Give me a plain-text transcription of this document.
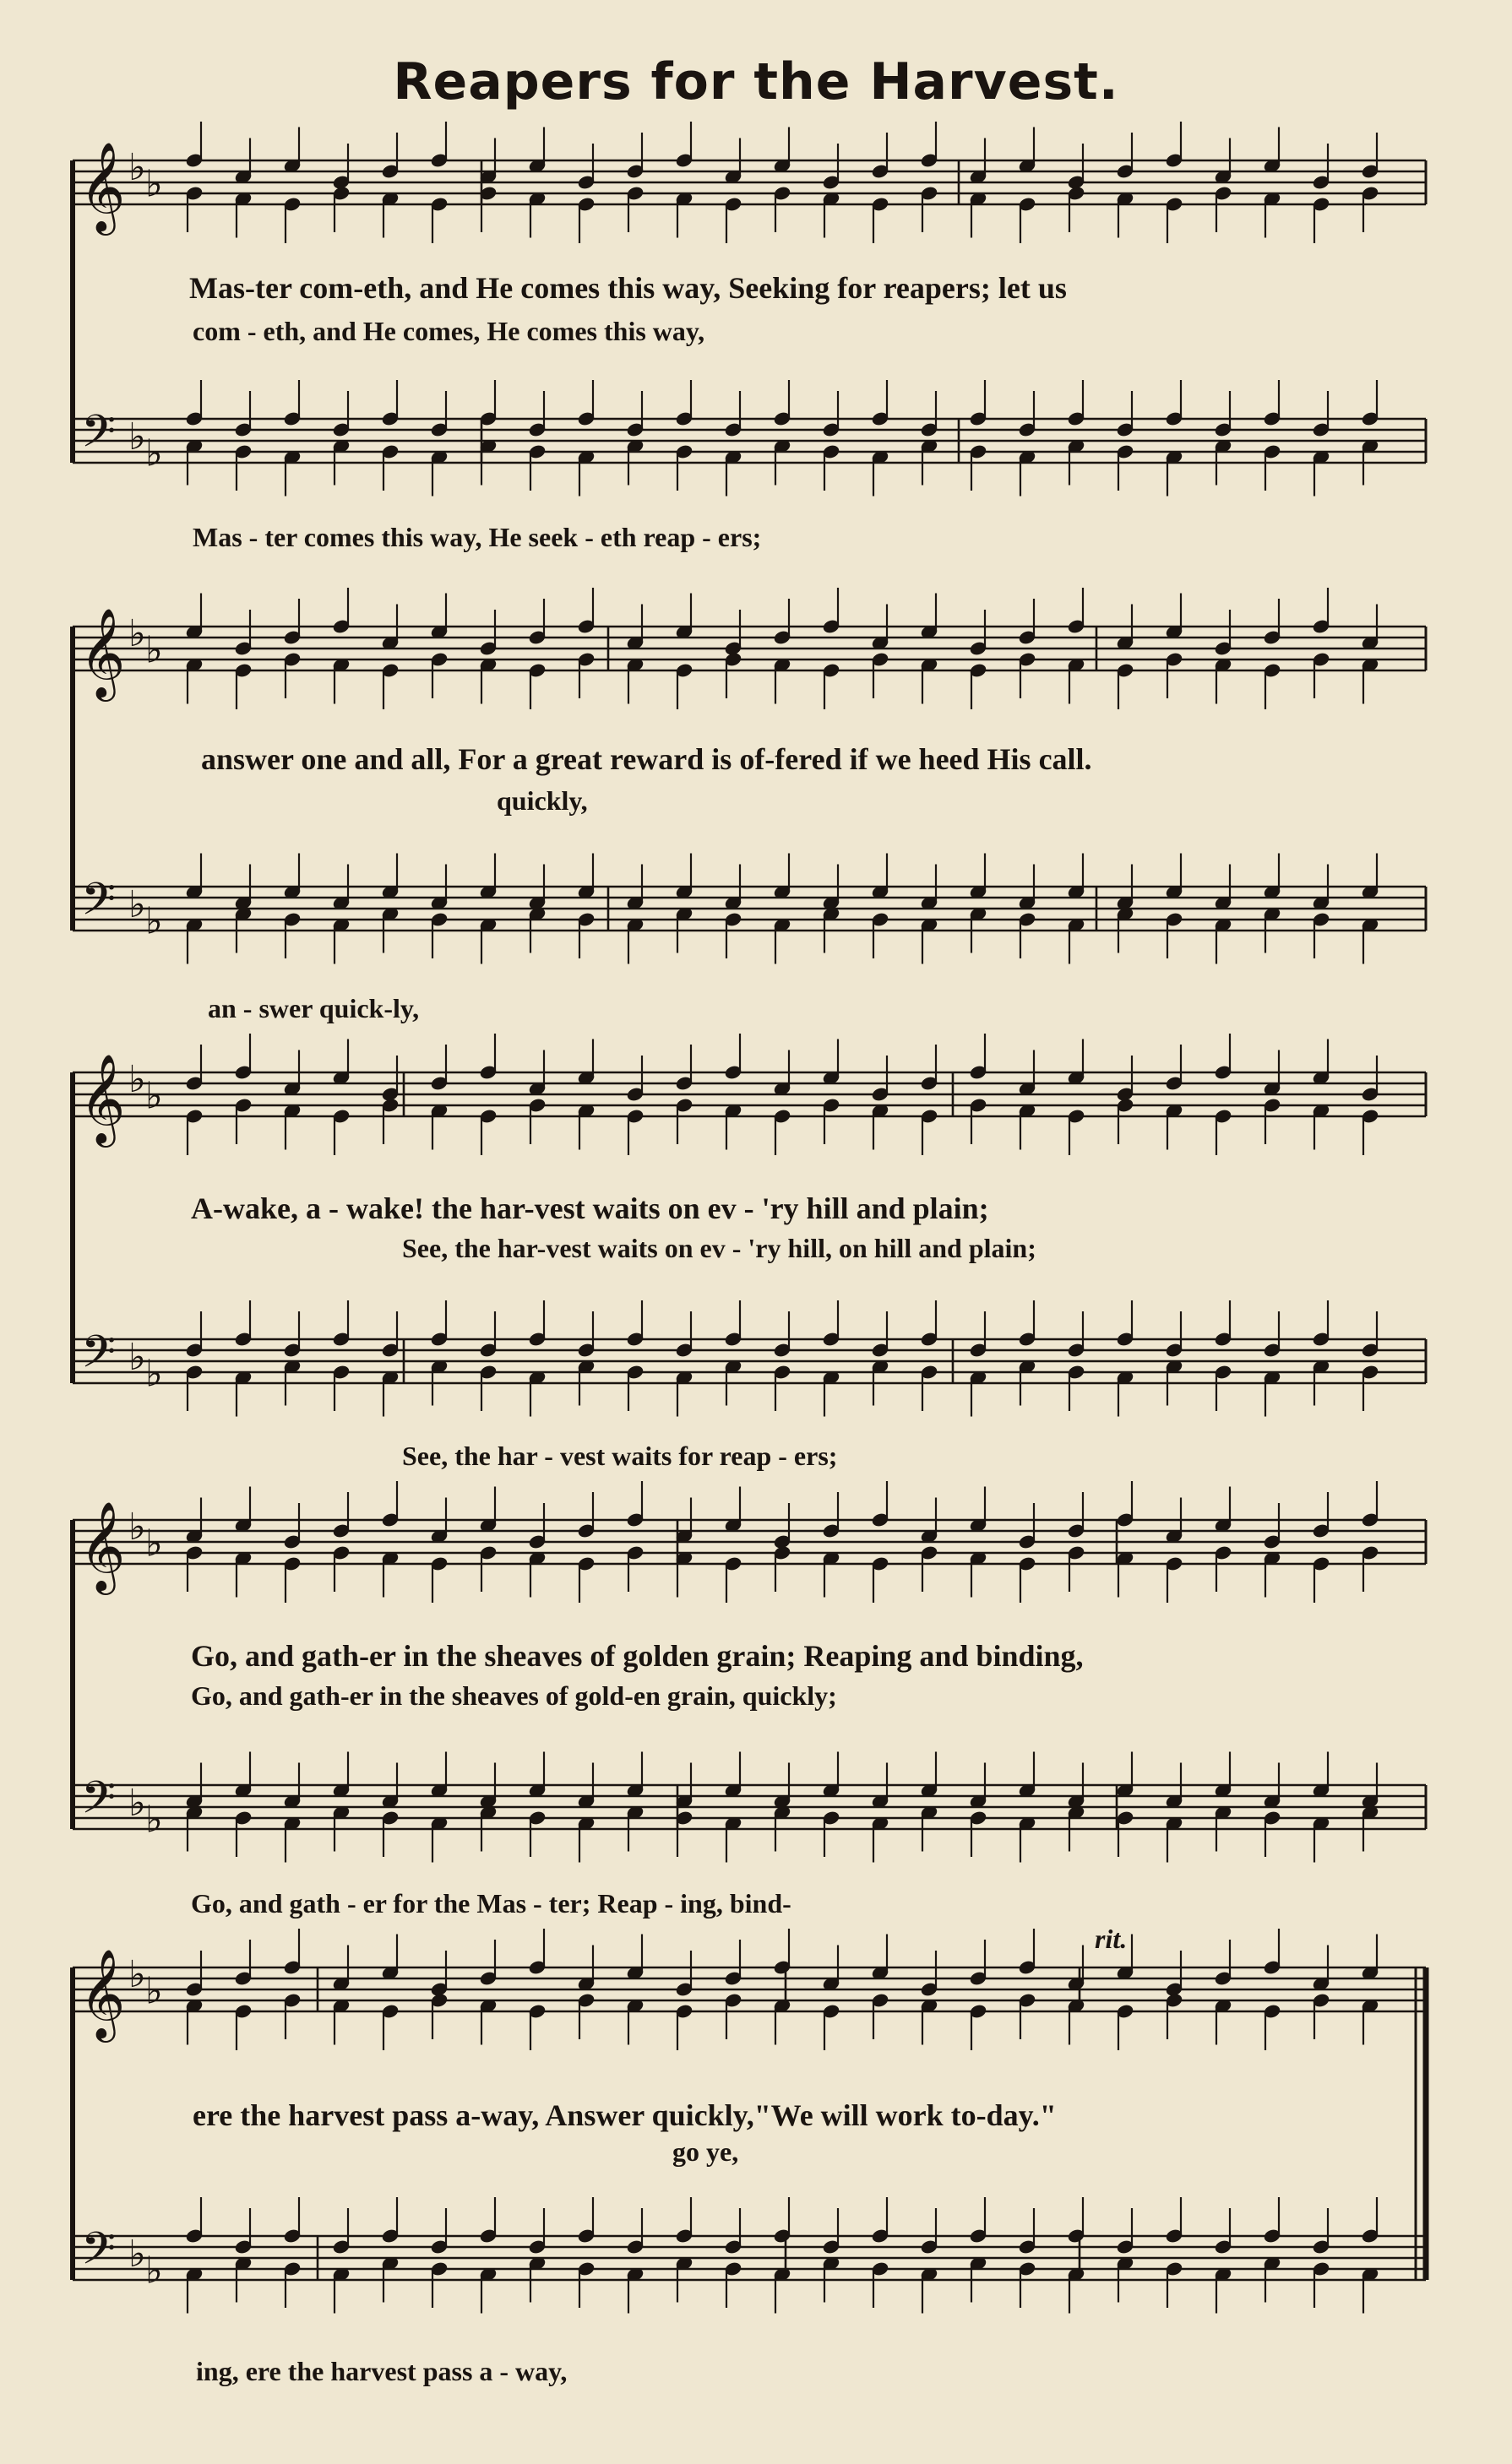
Reapers for the Harvest.
𝄞
𝄢
♭ ♭
♭ ♭
𝄞
𝄢
♭ ♭
♭ ♭
𝄞
𝄢
♭ ♭
♭ ♭
𝄞
𝄢
♭ ♭
♭ ♭
𝄞
𝄢
♭ ♭
♭ ♭
Mas-ter com-eth, and He comes this way, Seeking for reapers; let us
com - eth, and He comes, He comes this way,
Mas - ter comes this way, He seek - eth reap - ers;
answer one and all, For a great reward is of-fered if we heed His call.
quickly,
an - swer quick-ly,
A-wake, a - wake! the har-vest waits on ev - 'ry hill and plain;
See, the har-vest waits on ev - 'ry hill, on hill and plain;
See, the har - vest waits for reap - ers;
Go, and gath-er in the sheaves of golden grain; Reaping and binding,
Go, and gath-er in the sheaves of gold-en grain, quickly;
Go, and gath - er for the Mas - ter; Reap - ing, bind-
rit.
ere the harvest pass a-way, Answer quickly,"We will work to-day."
go ye,
ing, ere the harvest pass a - way,
